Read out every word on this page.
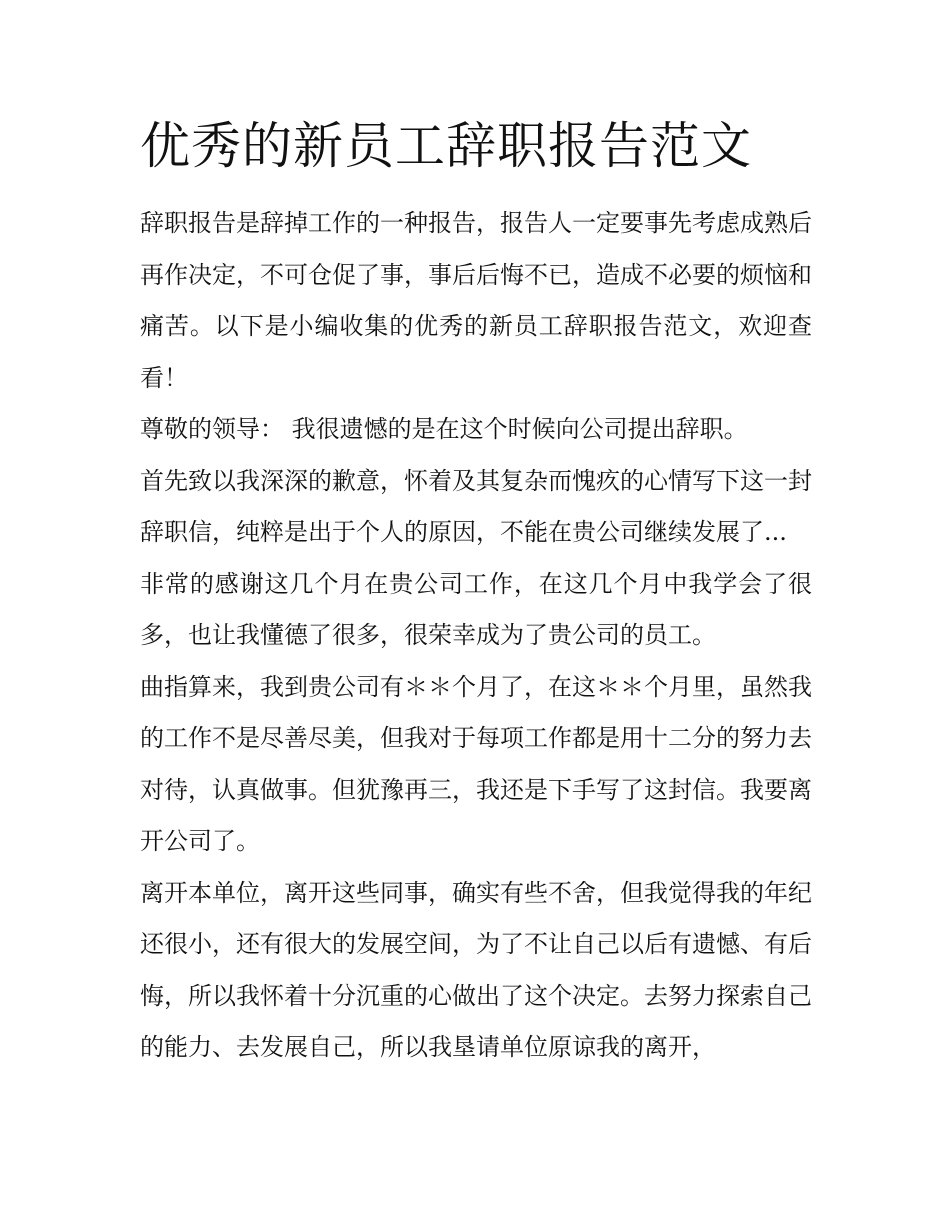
优秀的新员工辞职报告范文

辞职报告是辞掉工作的一种报告，报告人一定要事先考虑成熟后再作决定，不可仓促了事，事后后悔不已，造成不必要的烦恼和痛苦。以下是小编收集的优秀的新员工辞职报告范文，欢迎查看！

尊敬的领导： 我很遗憾的是在这个时候向公司提出辞职。

首先致以我深深的歉意，怀着及其复杂而愧疚的心情写下这一封辞职信，纯粹是出于个人的原因，不能在贵公司继续发展了...

非常的感谢这几个月在贵公司工作，在这几个月中我学会了很多，也让我懂德了很多，很荣幸成为了贵公司的员工。

曲指算来，我到贵公司有＊＊个月了，在这＊＊个月里，虽然我的工作不是尽善尽美，但我对于每项工作都是用十二分的努力去对待，认真做事。但犹豫再三，我还是下手写了这封信。我要离开公司了。

离开本单位，离开这些同事，确实有些不舍，但我觉得我的年纪还很小，还有很大的发展空间，为了不让自己以后有遗憾、有后悔，所以我怀着十分沉重的心做出了这个决定。去努力探索自己的能力、去发展自己，所以我垦请单位原谅我的离开，
